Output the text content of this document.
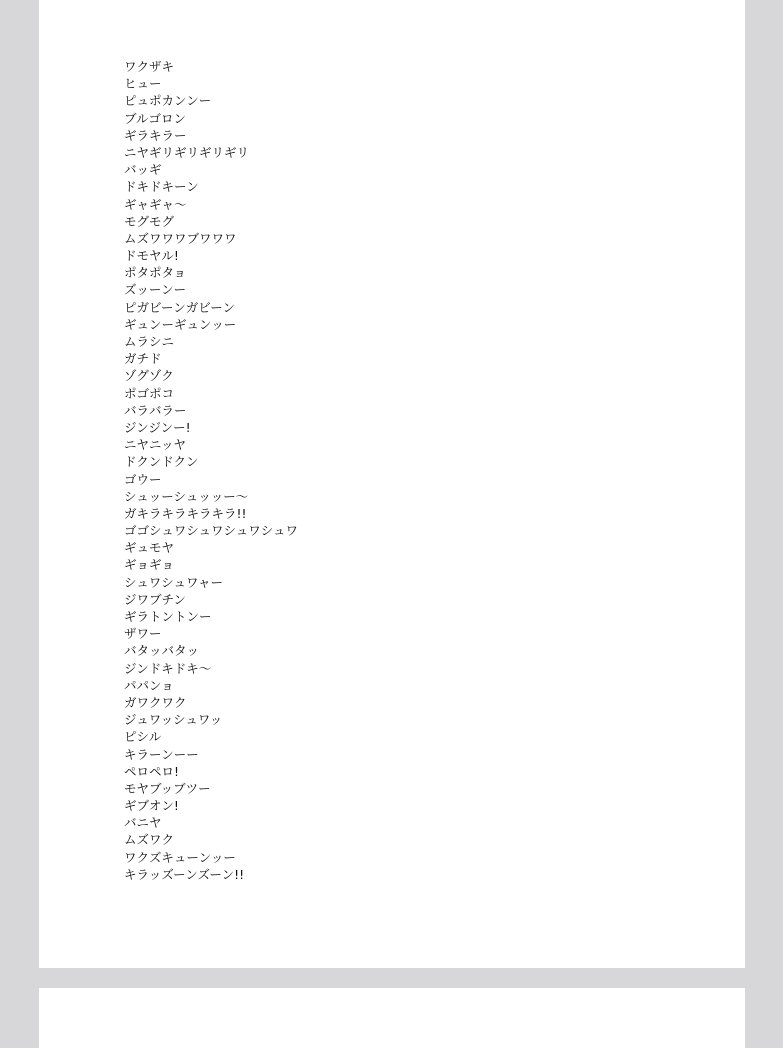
ワクザキ
ヒュー
ピュポカンンー
ブルゴロン
ギラキラー
ニヤギリギリギリギリ
バッギ
ドキドキーン
ギャギャ〜
モグモグ
ムズワワワブワワワ
ドモヤル!
ポタポタョ
ズッーンー
ピガビーンガビーン
ギュンーギュンッー
ムラシニ
ガチド
ゾグゾク
ポゴポコ
バラバラー
ジンジンー!
ニヤニッヤ
ドクンドクン
ゴウー
シュッーシュッッー〜
ガキラキラキラキラ!!
ゴゴシュワシュワシュワシュワ
ギュモヤ
ギョギョ
シュワシュワャー
ジワブチン
ギラトントンー
ザワー
バタッバタッ
ジンドキドキ〜
パパンョ
ガワクワク
ジュワッシュワッ
ピシル
キラーンーー
ペロペロ!
モヤブッブツー
ギブオン!
バニヤ
ムズワク
ワクズキューンッー
キラッズーンズーン!!
